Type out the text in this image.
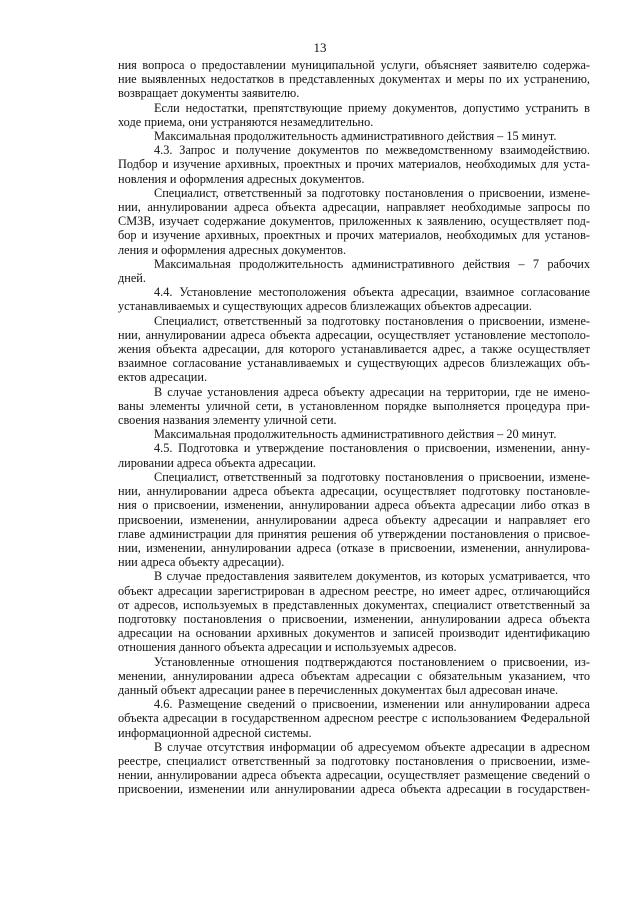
13
ния вопроса о предоставлении муниципальной услуги, объясняет заявителю содержа-
ние выявленных недостатков в представленных документах и меры по их устранению,
возвращает документы заявителю.
Если недостатки, препятствующие приему документов, допустимо устранить в
ходе приема, они устраняются незамедлительно.
Максимальная продолжительность административного действия – 15 минут.
4.3. Запрос и получение документов по межведомственному взаимодействию.
Подбор и изучение архивных, проектных и прочих материалов, необходимых для уста-
новления и оформления адресных документов.
Специалист, ответственный за подготовку постановления о присвоении, измене-
нии, аннулировании адреса объекта адресации, направляет необходимые запросы по
СМЗВ, изучает содержание документов, приложенных к заявлению, осуществляет под-
бор и изучение архивных, проектных и прочих материалов, необходимых для установ-
ления и оформления адресных документов.
Максимальная продолжительность административного действия – 7 рабочих
дней.
4.4. Установление местоположения объекта адресации, взаимное согласование
устанавливаемых и существующих адресов близлежащих объектов адресации.
Специалист, ответственный за подготовку постановления о присвоении, измене-
нии, аннулировании адреса объекта адресации, осуществляет установление местополо-
жения объекта адресации, для которого устанавливается адрес, а также осуществляет
взаимное согласование устанавливаемых и существующих адресов близлежащих объ-
ектов адресации.
В случае установления адреса объекту адресации на территории, где не имено-
ваны элементы уличной сети, в установленном порядке выполняется процедура при-
своения названия элементу уличной сети.
Максимальная продолжительность административного действия – 20 минут.
4.5. Подготовка и утверждение постановления о присвоении, изменении, анну-
лировании адреса объекта адресации.
Специалист, ответственный за подготовку постановления о присвоении, измене-
нии, аннулировании адреса объекта адресации, осуществляет подготовку постановле-
ния о присвоении, изменении, аннулировании адреса объекта адресации либо отказ в
присвоении, изменении, аннулировании адреса объекту адресации и направляет его
главе администрации для принятия решения об утверждении постановления о присвое-
нии, изменении, аннулировании адреса (отказе в присвоении, изменении, аннулирова-
нии адреса объекту адресации).
В случае предоставления заявителем документов, из которых усматривается, что
объект адресации зарегистрирован в адресном реестре, но имеет адрес, отличающийся
от адресов, используемых в представленных документах, специалист ответственный за
подготовку постановления о присвоении, изменении, аннулировании адреса объекта
адресации на основании архивных документов и записей производит идентификацию
отношения данного объекта адресации и используемых адресов.
Установленные отношения подтверждаются постановлением о присвоении, из-
менении, аннулировании адреса объектам адресации с обязательным указанием, что
данный объект адресации ранее в перечисленных документах был адресован иначе.
4.6. Размещение сведений о присвоении, изменении или аннулировании адреса
объекта адресации в государственном адресном реестре с использованием Федеральной
информационной адресной системы.
В случае отсутствия информации об адресуемом объекте адресации в адресном
реестре, специалист ответственный за подготовку постановления о присвоении, изме-
нении, аннулировании адреса объекта адресации, осуществляет размещение сведений о
присвоении, изменении или аннулировании адреса объекта адресации в государствен-
